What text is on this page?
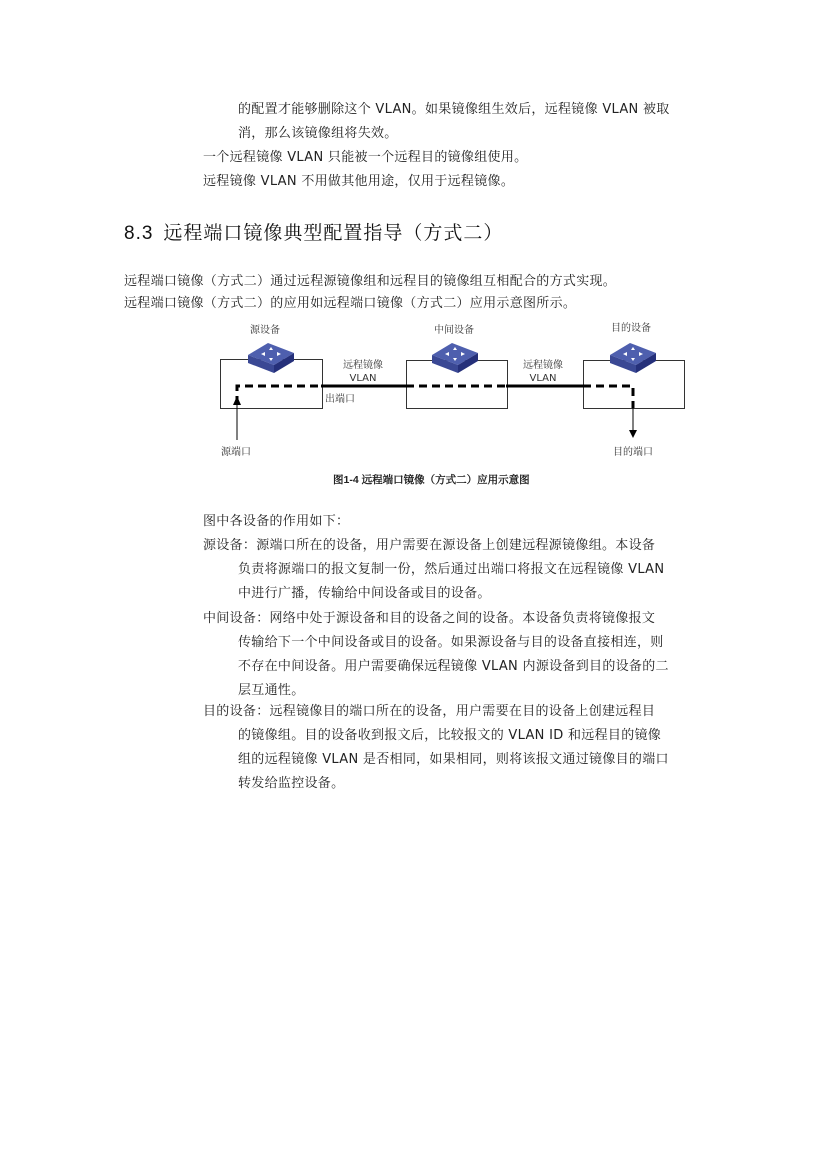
的配置才能够删除这个 VLAN。如果镜像组生效后，远程镜像 VLAN 被取
消，那么该镜像组将失效。
一个远程镜像 VLAN 只能被一个远程目的镜像组使用。
远程镜像 VLAN 不用做其他用途，仅用于远程镜像。
8.3 远程端口镜像典型配置指导（方式二）
远程端口镜像（方式二）通过远程源镜像组和远程目的镜像组互相配合的方式实现。
远程端口镜像（方式二）的应用如远程端口镜像（方式二）应用示意图所示。
源设备	中间设备	目的设备
远程镜像
VLAN
远程镜像
VLAN
出端口
源端口	目的端口
图1-4 远程端口镜像（方式二）应用示意图
图中各设备的作用如下：
源设备：源端口所在的设备，用户需要在源设备上创建远程源镜像组。本设备
负责将源端口的报文复制一份，然后通过出端口将报文在远程镜像 VLAN
中进行广播，传输给中间设备或目的设备。
中间设备：网络中处于源设备和目的设备之间的设备。本设备负责将镜像报文
传输给下一个中间设备或目的设备。如果源设备与目的设备直接相连，则
不存在中间设备。用户需要确保远程镜像 VLAN 内源设备到目的设备的二
层互通性。
目的设备：远程镜像目的端口所在的设备，用户需要在目的设备上创建远程目
的镜像组。目的设备收到报文后，比较报文的 VLAN ID 和远程目的镜像
组的远程镜像 VLAN 是否相同，如果相同，则将该报文通过镜像目的端口
转发给监控设备。
